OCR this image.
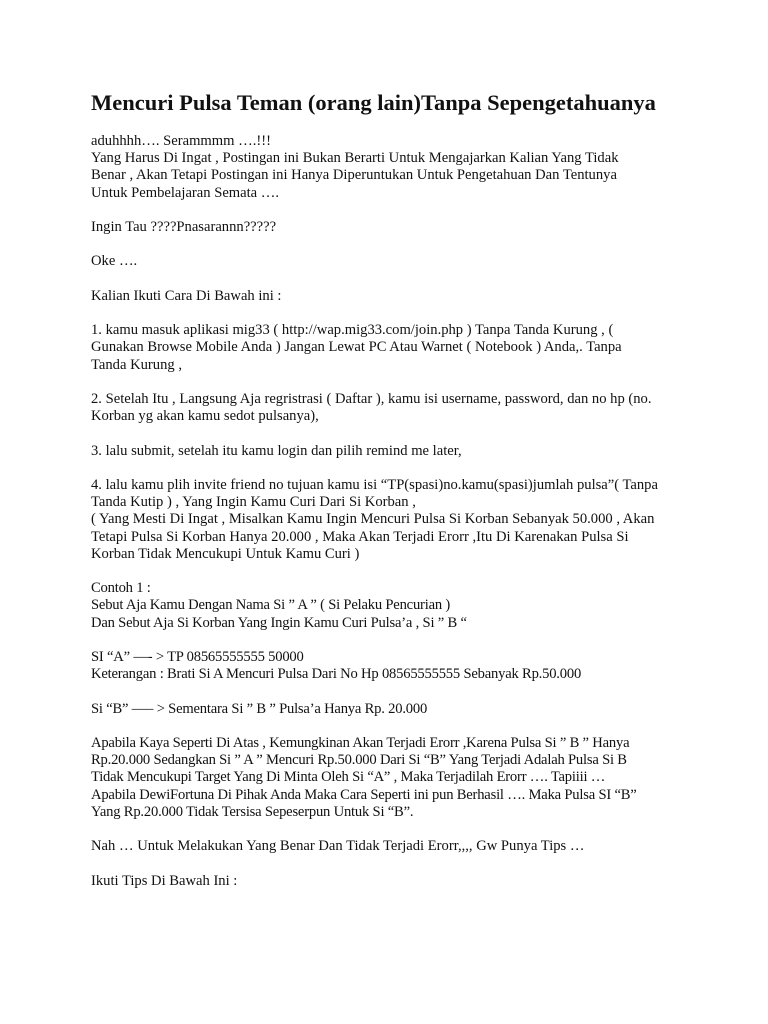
Mencuri Pulsa Teman (orang lain)Tanpa Sepengetahuanya

aduhhhh…. Serammmm ….!!!
Yang Harus Di Ingat , Postingan ini Bukan Berarti Untuk Mengajarkan Kalian Yang Tidak
Benar , Akan Tetapi Postingan ini Hanya Diperuntukan Untuk Pengetahuan Dan Tentunya
Untuk Pembelajaran Semata ….

Ingin Tau ????Pnasarannn?????

Oke ….

Kalian Ikuti Cara Di Bawah ini :

1. kamu masuk aplikasi mig33 ( http://wap.mig33.com/join.php ) Tanpa Tanda Kurung , (
Gunakan Browse Mobile Anda ) Jangan Lewat PC Atau Warnet ( Notebook ) Anda,. Tanpa
Tanda Kurung ,

2. Setelah Itu , Langsung Aja regristrasi ( Daftar ), kamu isi username, password, dan no hp (no.
Korban yg akan kamu sedot pulsanya),

3. lalu submit, setelah itu kamu login dan pilih remind me later,

4. lalu kamu plih invite friend no tujuan kamu isi “TP(spasi)no.kamu(spasi)jumlah pulsa”( Tanpa
Tanda Kutip ) , Yang Ingin Kamu Curi Dari Si Korban ,
( Yang Mesti Di Ingat , Misalkan Kamu Ingin Mencuri Pulsa Si Korban Sebanyak 50.000 , Akan
Tetapi Pulsa Si Korban Hanya 20.000 , Maka Akan Terjadi Erorr ,Itu Di Karenakan Pulsa Si
Korban Tidak Mencukupi Untuk Kamu Curi )

Contoh 1 :
Sebut Aja Kamu Dengan Nama Si ” A ” ( Si Pelaku Pencurian )
Dan Sebut Aja Si Korban Yang Ingin Kamu Curi Pulsa’a , Si ” B “

SI “A” —- > TP 08565555555 50000
Keterangan : Brati Si A Mencuri Pulsa Dari No Hp 08565555555 Sebanyak Rp.50.000

Si “B” —– > Sementara Si ” B ” Pulsa’a Hanya Rp. 20.000

Apabila Kaya Seperti Di Atas , Kemungkinan Akan Terjadi Erorr ,Karena Pulsa Si ” B ” Hanya
Rp.20.000 Sedangkan Si ” A ” Mencuri Rp.50.000 Dari Si “B” Yang Terjadi Adalah Pulsa Si B
Tidak Mencukupi Target Yang Di Minta Oleh Si “A” , Maka Terjadilah Erorr …. Tapiiii …
Apabila DewiFortuna Di Pihak Anda Maka Cara Seperti ini pun Berhasil …. Maka Pulsa SI “B”
Yang Rp.20.000 Tidak Tersisa Sepeserpun Untuk Si “B”.

Nah … Untuk Melakukan Yang Benar Dan Tidak Terjadi Erorr,,,, Gw Punya Tips …

Ikuti Tips Di Bawah Ini :
